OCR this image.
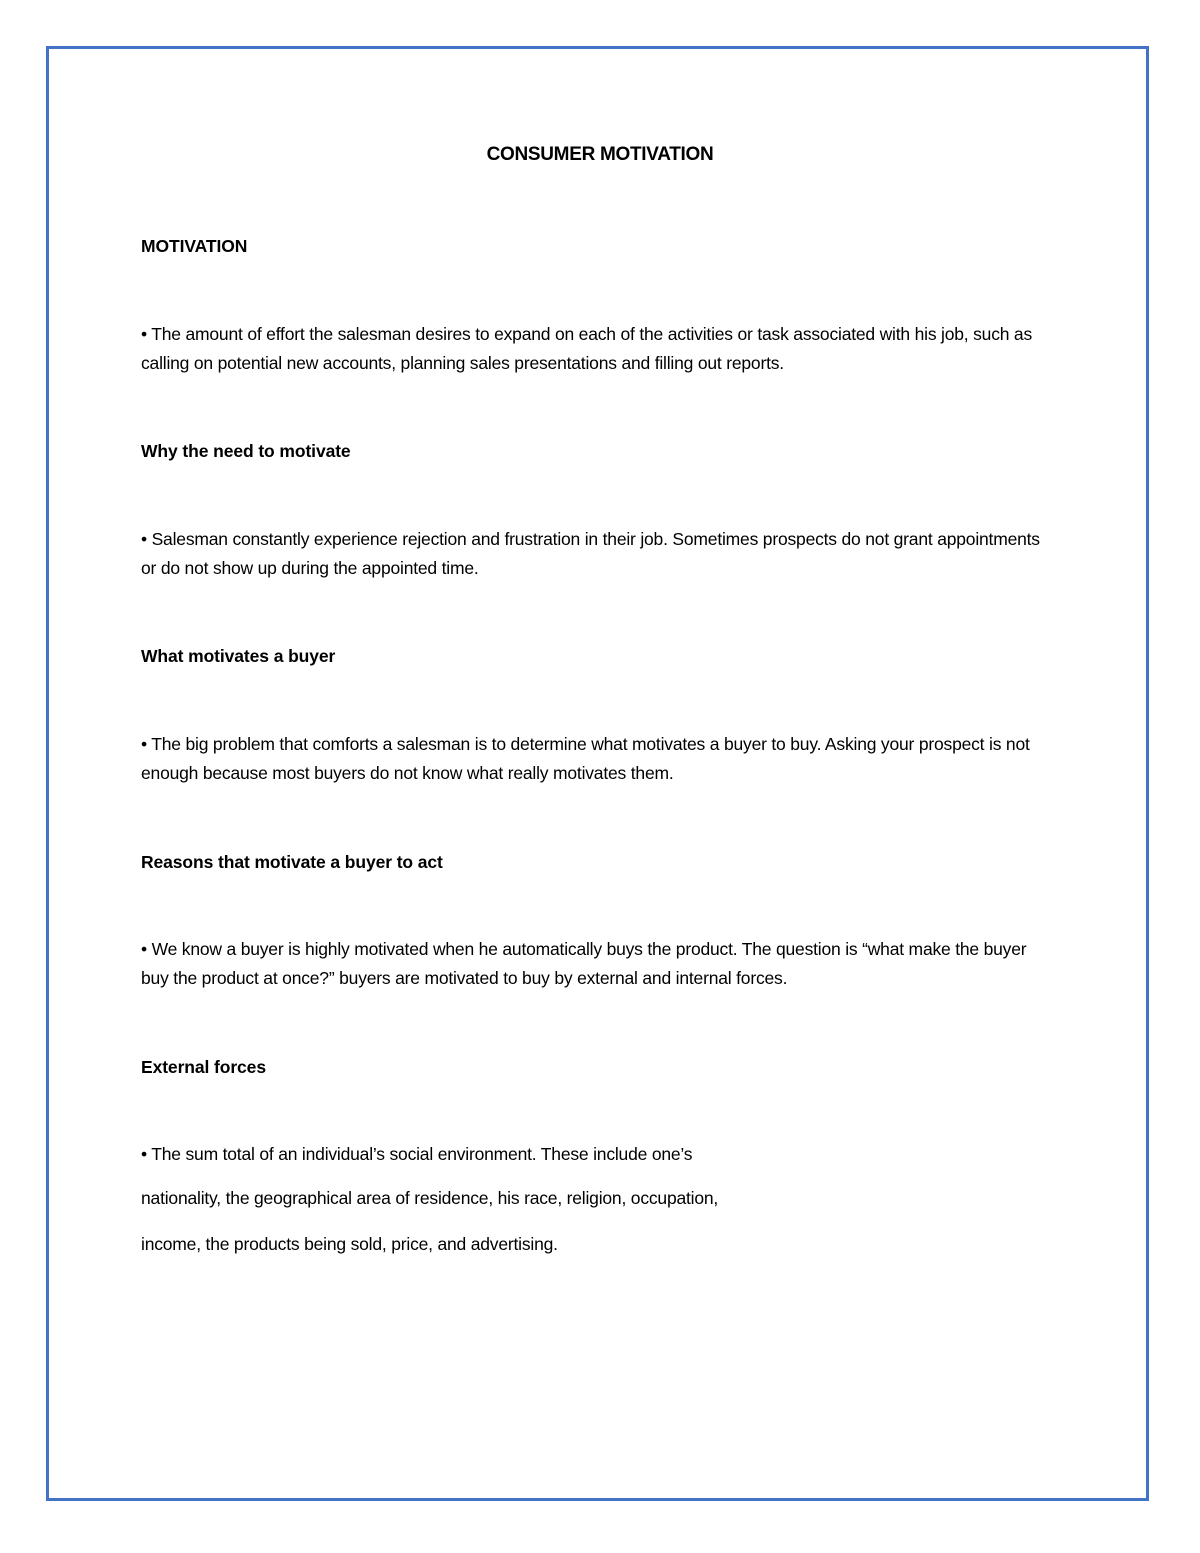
CONSUMER MOTIVATION
MOTIVATION
• The amount of effort the salesman desires to expand on each of the activities or task associated with his job, such as calling on potential new accounts, planning sales presentations and filling out reports.
Why the need to motivate
• Salesman constantly experience rejection and frustration in their job. Sometimes prospects do not grant appointments or do not show up during the appointed time.
What motivates a buyer
• The big problem that comforts a salesman is to determine what motivates a buyer to buy. Asking your prospect is not enough because most buyers do not know what really motivates them.
Reasons that motivate a buyer to act
• We know a buyer is highly motivated when he automatically buys the product. The question is “what make the buyer buy the product at once?” buyers are motivated to buy by external and internal forces.
External forces
• The sum total of an individual’s social environment. These include one’s
nationality, the geographical area of residence, his race, religion, occupation,
income, the products being sold, price, and advertising.
